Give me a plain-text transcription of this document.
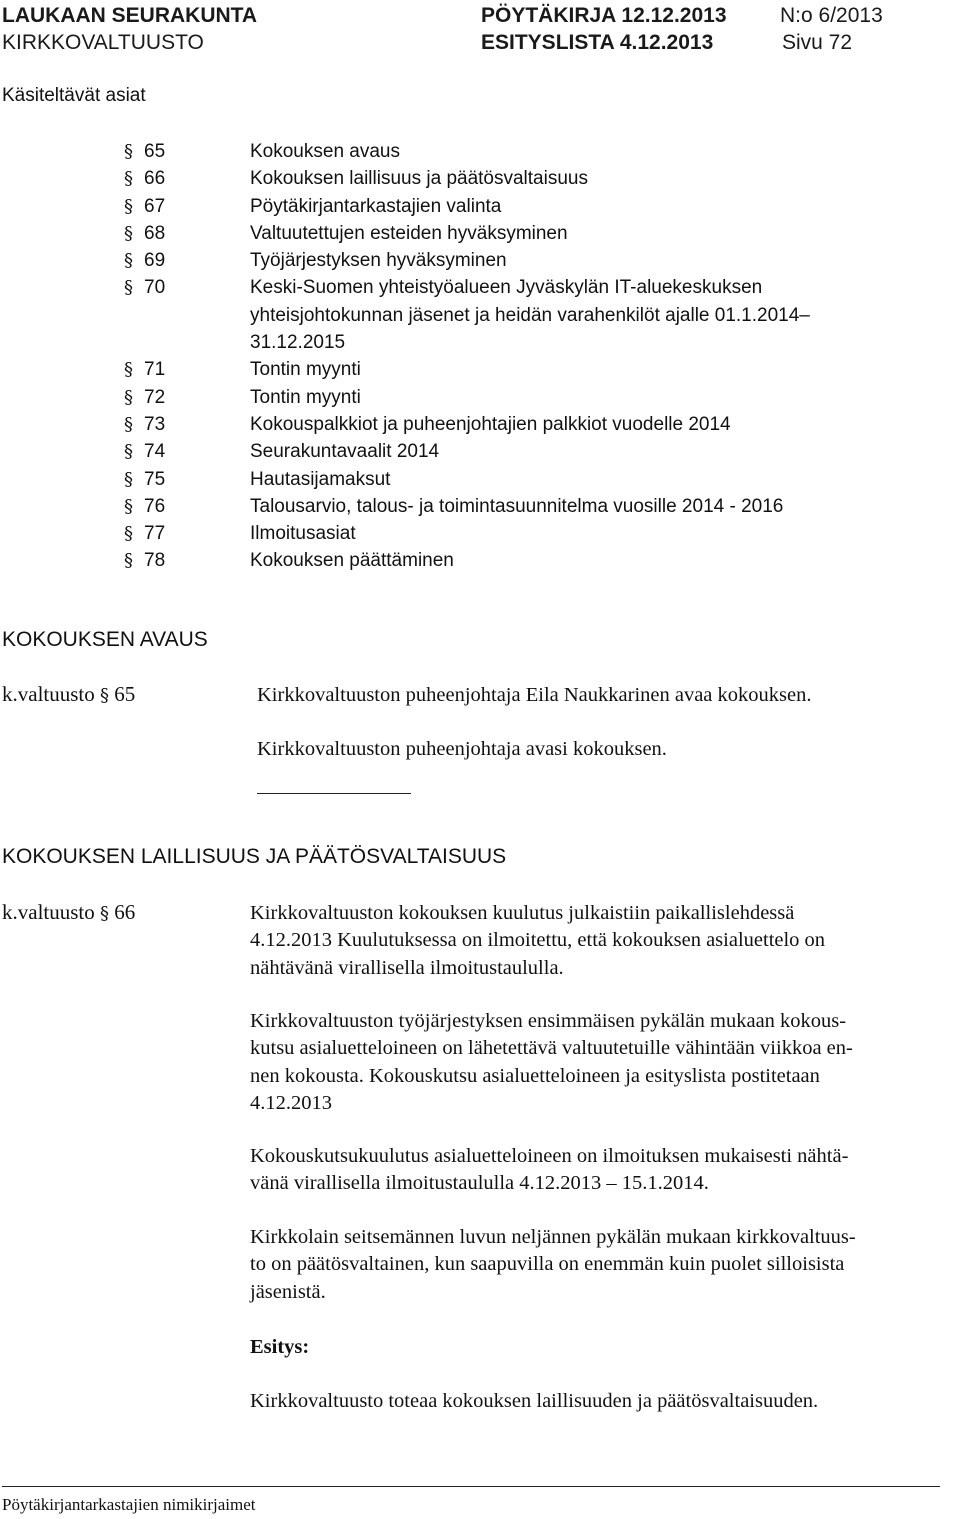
LAUKAAN SEURAKUNTA	PÖYTÄKIRJA 12.12.2013	N:o 6/2013
KIRKKOVALTUUSTO	ESITYSLISTA 4.12.2013	Sivu 72
Käsiteltävät asiat
§ 65	Kokouksen avaus
§ 66	Kokouksen laillisuus ja päätösvaltaisuus
§ 67	Pöytäkirjantarkastajien valinta
§ 68	Valtuutettujen esteiden hyväksyminen
§ 69	Työjärjestyksen hyväksyminen
§ 70	Keski-Suomen yhteistyöalueen Jyväskylän IT-aluekeskuksen
yhteisjohtokunnan jäsenet ja heidän varahenkilöt ajalle 01.1.2014–
31.12.2015
§ 71	Tontin myynti
§ 72	Tontin myynti
§ 73	Kokouspalkkiot ja puheenjohtajien palkkiot vuodelle 2014
§ 74	Seurakuntavaalit 2014
§ 75	Hautasijamaksut
§ 76	Talousarvio, talous- ja toimintasuunnitelma vuosille 2014 - 2016
§ 77	Ilmoitusasiat
§ 78	Kokouksen päättäminen
KOKOUKSEN AVAUS
k.valtuusto § 65	Kirkkovaltuuston puheenjohtaja Eila Naukkarinen avaa kokouksen.
Kirkkovaltuuston puheenjohtaja avasi kokouksen.
KOKOUKSEN LAILLISUUS JA PÄÄTÖSVALTAISUUS
k.valtuusto § 66	Kirkkovaltuuston kokouksen kuulutus julkaistiin paikallislehdessä
4.12.2013 Kuulutuksessa on ilmoitettu, että kokouksen asialuettelo on
nähtävänä virallisella ilmoitustaululla.
Kirkkovaltuuston työjärjestyksen ensimmäisen pykälän mukaan kokous-
kutsu asialuetteloineen on lähetettävä valtuutetuille vähintään viikkoa en-
nen kokousta. Kokouskutsu asialuetteloineen ja esityslista postitetaan
4.12.2013
Kokouskutsukuulutus asialuetteloineen on ilmoituksen mukaisesti nähtä-
vänä virallisella ilmoitustaululla 4.12.2013 – 15.1.2014.
Kirkkolain seitsemännen luvun neljännen pykälän mukaan kirkkovaltuus-
to on päätösvaltainen, kun saapuvilla on enemmän kuin puolet silloisista
jäsenistä.
Esitys:
Kirkkovaltuusto toteaa kokouksen laillisuuden ja päätösvaltaisuuden.
Pöytäkirjantarkastajien nimikirjaimet
